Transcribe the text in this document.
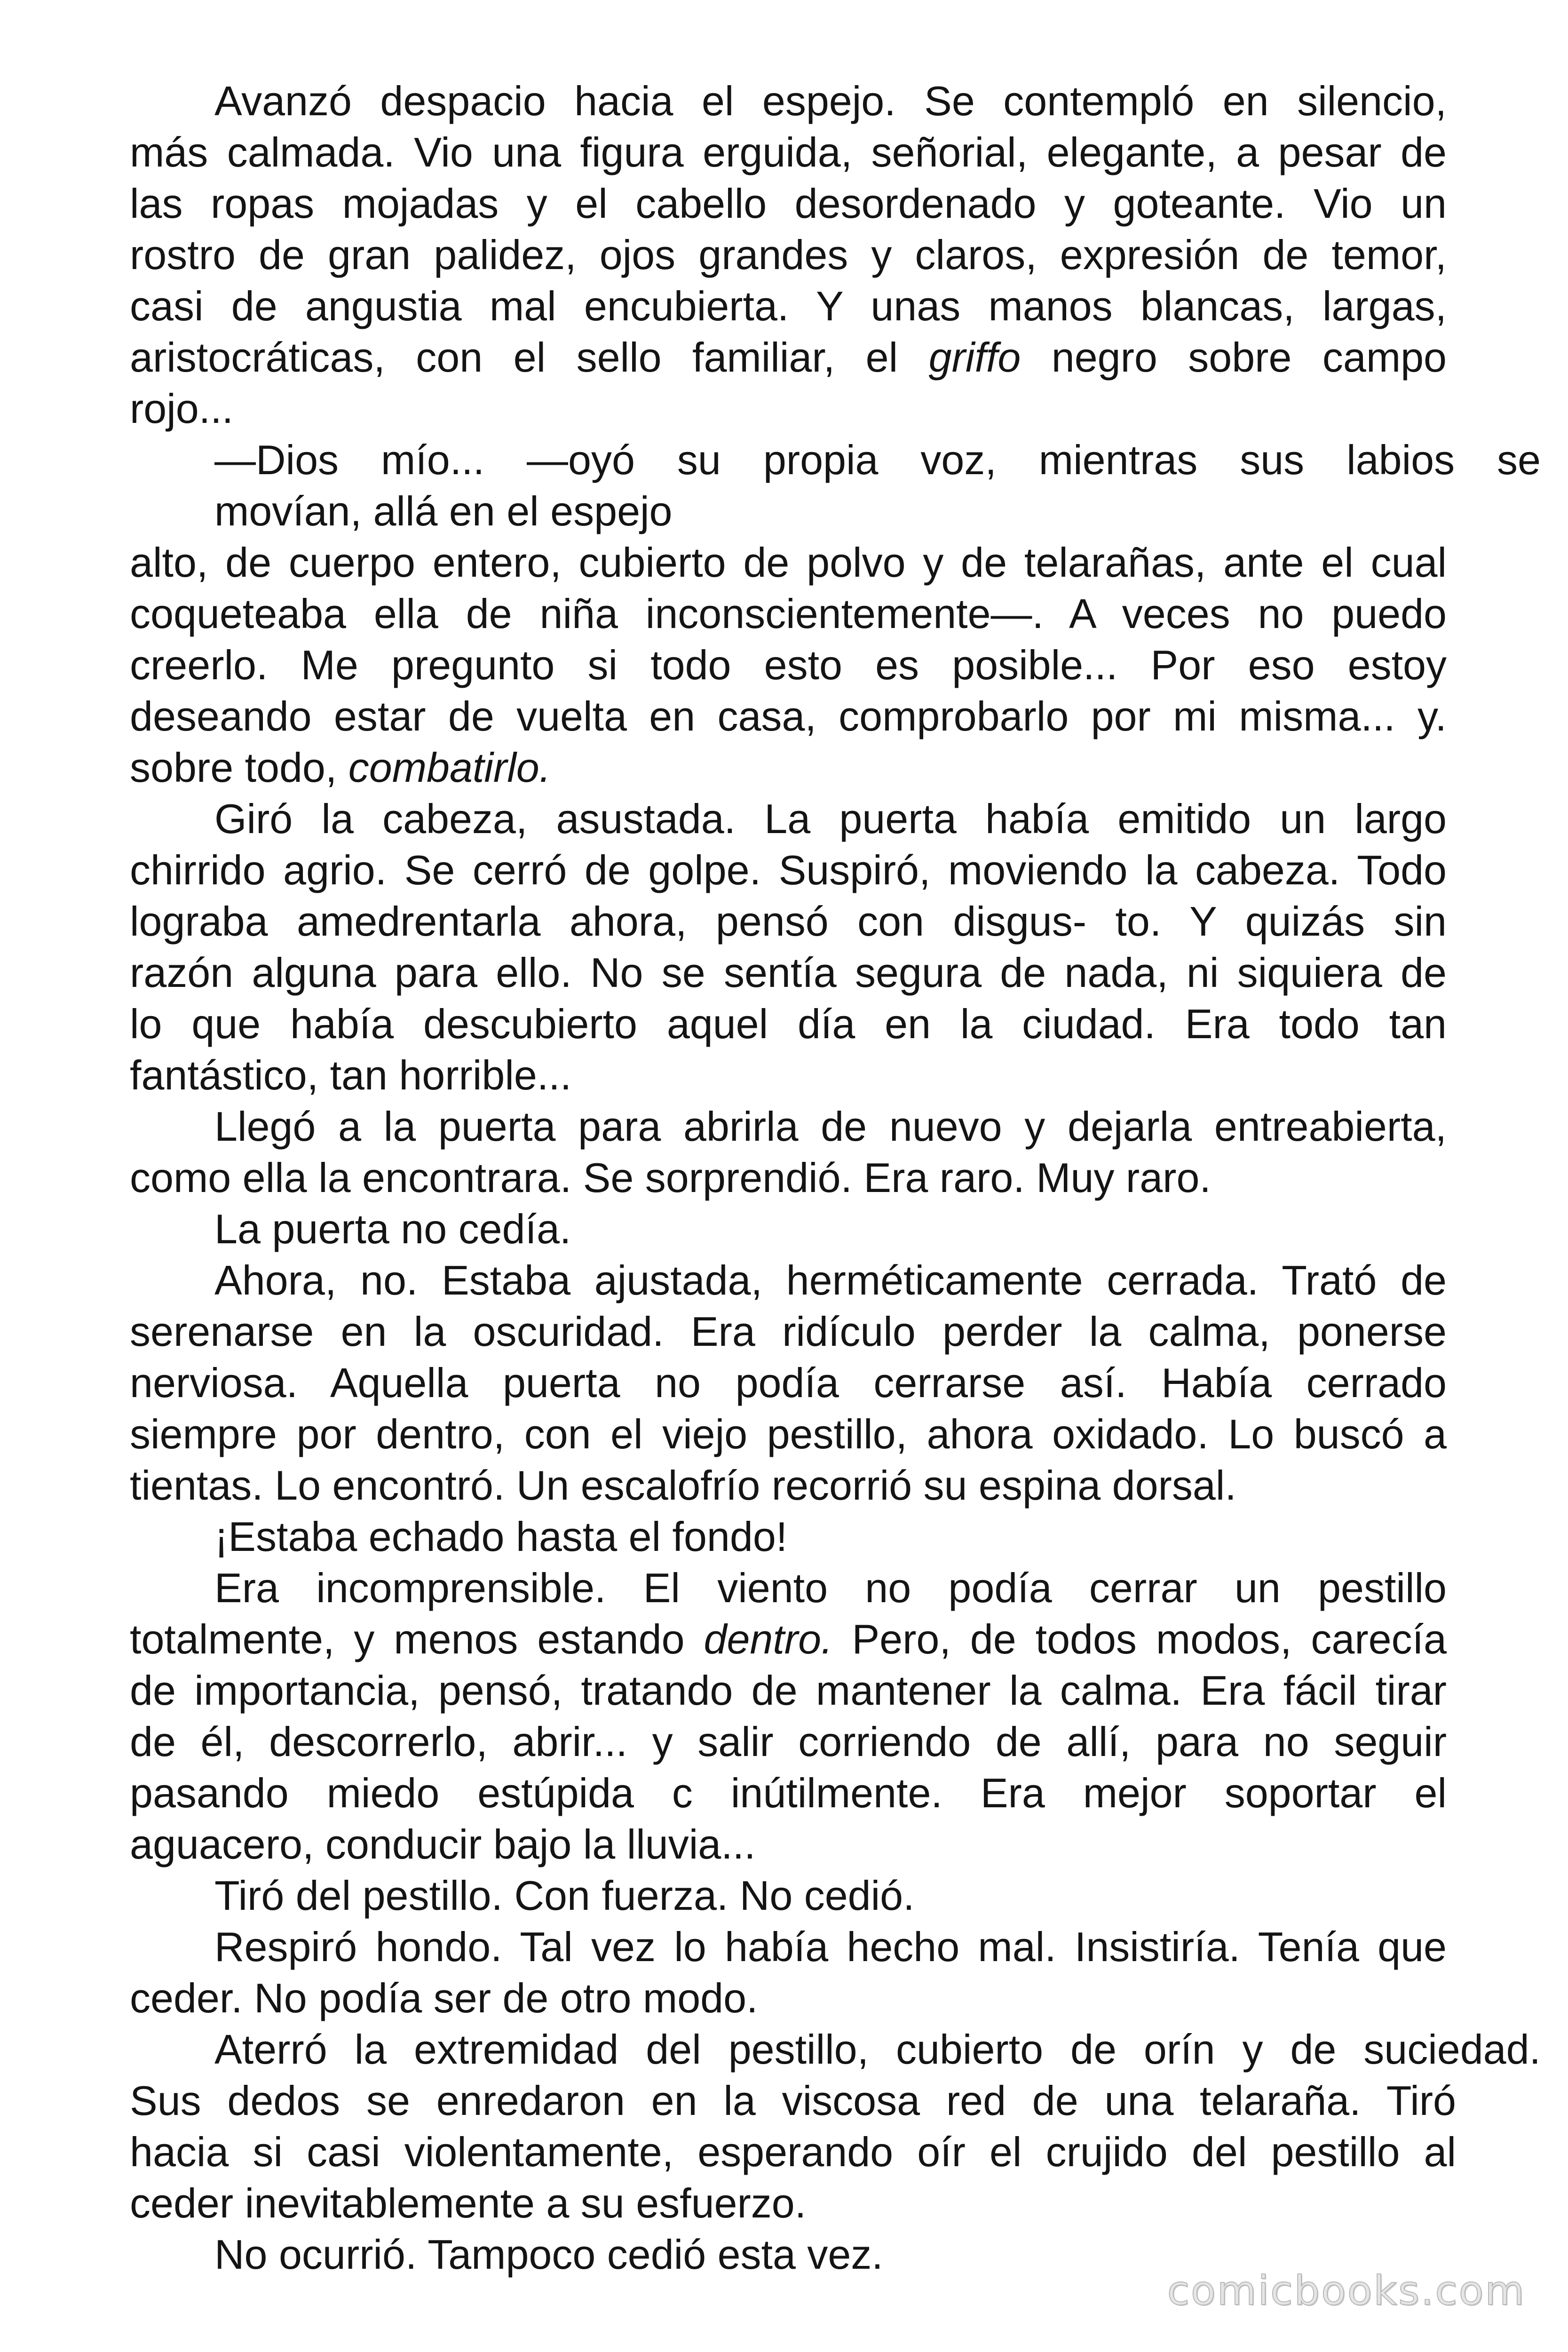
Avanzó despacio hacia el espejo. Se contempló en silencio,
más calmada. Vio una figura erguida, señorial, elegante, a pesar de
las ropas mojadas y el cabello desordenado y goteante. Vio un
rostro de gran palidez, ojos grandes y claros, expresión de temor,
casi de angustia mal encubierta. Y unas manos blancas, largas,
aristocráticas, con el sello familiar, el griffo negro sobre campo
rojo...
—Dios mío... —oyó su propia voz, mientras sus labios se
movían, allá en el espejo
alto, de cuerpo entero, cubierto de polvo y de telarañas, ante el cual
coqueteaba ella de niña inconscientemente—. A veces no puedo
creerlo. Me pregunto si todo esto es posible... Por eso estoy
deseando estar de vuelta en casa, comprobarlo por mi misma... y.
sobre todo, combatirlo.
Giró la cabeza, asustada. La puerta había emitido un largo
chirrido agrio. Se cerró de golpe. Suspiró, moviendo la cabeza. Todo
lograba amedrentarla ahora, pensó con disgus- to. Y quizás sin
razón alguna para ello. No se sentía segura de nada, ni siquiera de
lo que había descubierto aquel día en la ciudad. Era todo tan
fantástico, tan horrible...
Llegó a la puerta para abrirla de nuevo y dejarla entreabierta,
como ella la encontrara. Se sorprendió. Era raro. Muy raro.
La puerta no cedía.
Ahora, no. Estaba ajustada, herméticamente cerrada. Trató de
serenarse en la oscuridad. Era ridículo perder la calma, ponerse
nerviosa. Aquella puerta no podía cerrarse así. Había cerrado
siempre por dentro, con el viejo pestillo, ahora oxidado. Lo buscó a
tientas. Lo encontró. Un escalofrío recorrió su espina dorsal.
¡Estaba echado hasta el fondo!
Era incomprensible. El viento no podía cerrar un pestillo
totalmente, y menos estando dentro. Pero, de todos modos, carecía
de importancia, pensó, tratando de mantener la calma. Era fácil tirar
de él, descorrerlo, abrir... y salir corriendo de allí, para no seguir
pasando miedo estúpida c inútilmente. Era mejor soportar el
aguacero, conducir bajo la lluvia...
Tiró del pestillo. Con fuerza. No cedió.
Respiró hondo. Tal vez lo había hecho mal. Insistiría. Tenía que
ceder. No podía ser de otro modo.
Aterró la extremidad del pestillo, cubierto de orín y de suciedad.
Sus dedos se enredaron en la viscosa red de una telaraña. Tiró
hacia si casi violentamente, esperando oír el crujido del pestillo al
ceder inevitablemente a su esfuerzo.
No ocurrió. Tampoco cedió esta vez.
comicbooks.com
